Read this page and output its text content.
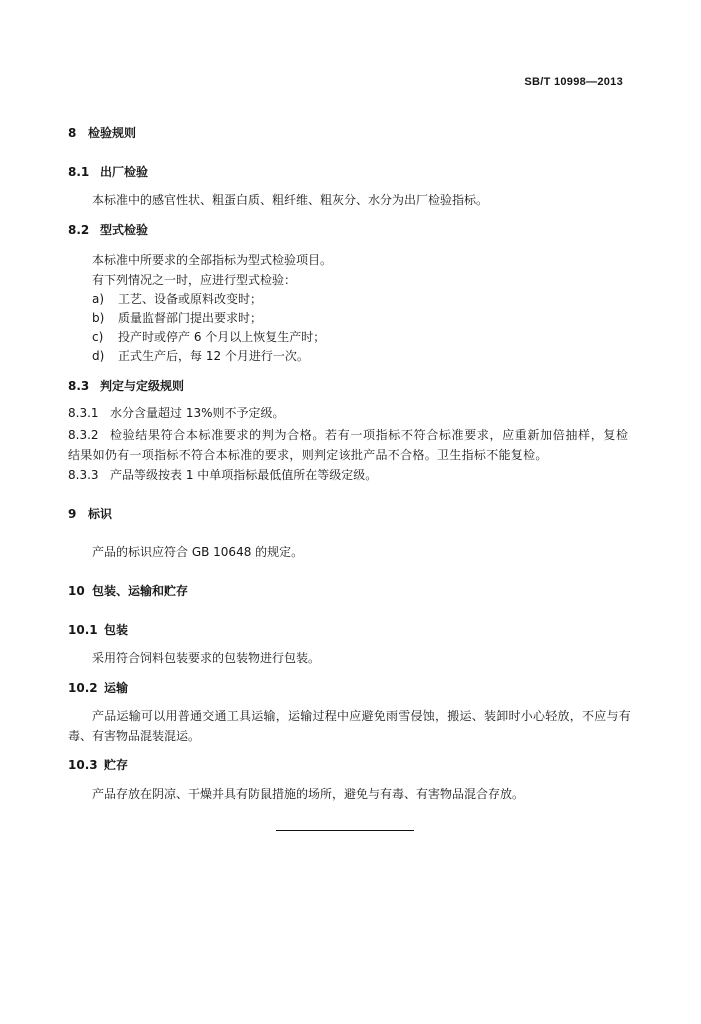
SB/T 10998—2013
8 检验规则
8.1 出厂检验
本标准中的感官性状、粗蛋白质、粗纤维、粗灰分、水分为出厂检验指标。
8.2 型式检验
本标准中所要求的全部指标为型式检验项目。
有下列情况之一时，应进行型式检验：
a) 工艺、设备或原料改变时；
b) 质量监督部门提出要求时；
c) 投产时或停产 6 个月以上恢复生产时；
d) 正式生产后，每 12 个月进行一次。
8.3 判定与定级规则
8.3.1 水分含量超过 13%则不予定级。
8.3.2 检验结果符合本标准要求的判为合格。若有一项指标不符合标准要求，应重新加倍抽样，复检
结果如仍有一项指标不符合本标准的要求，则判定该批产品不合格。卫生指标不能复检。
8.3.3 产品等级按表 1 中单项指标最低值所在等级定级。
9 标识
产品的标识应符合 GB 10648 的规定。
10 包装、运输和贮存
10.1 包装
采用符合饲料包装要求的包装物进行包装。
10.2 运输
产品运输可以用普通交通工具运输，运输过程中应避免雨雪侵蚀，搬运、装卸时小心轻放，不应与有
毒、有害物品混装混运。
10.3 贮存
产品存放在阴凉、干燥并具有防鼠措施的场所，避免与有毒、有害物品混合存放。
